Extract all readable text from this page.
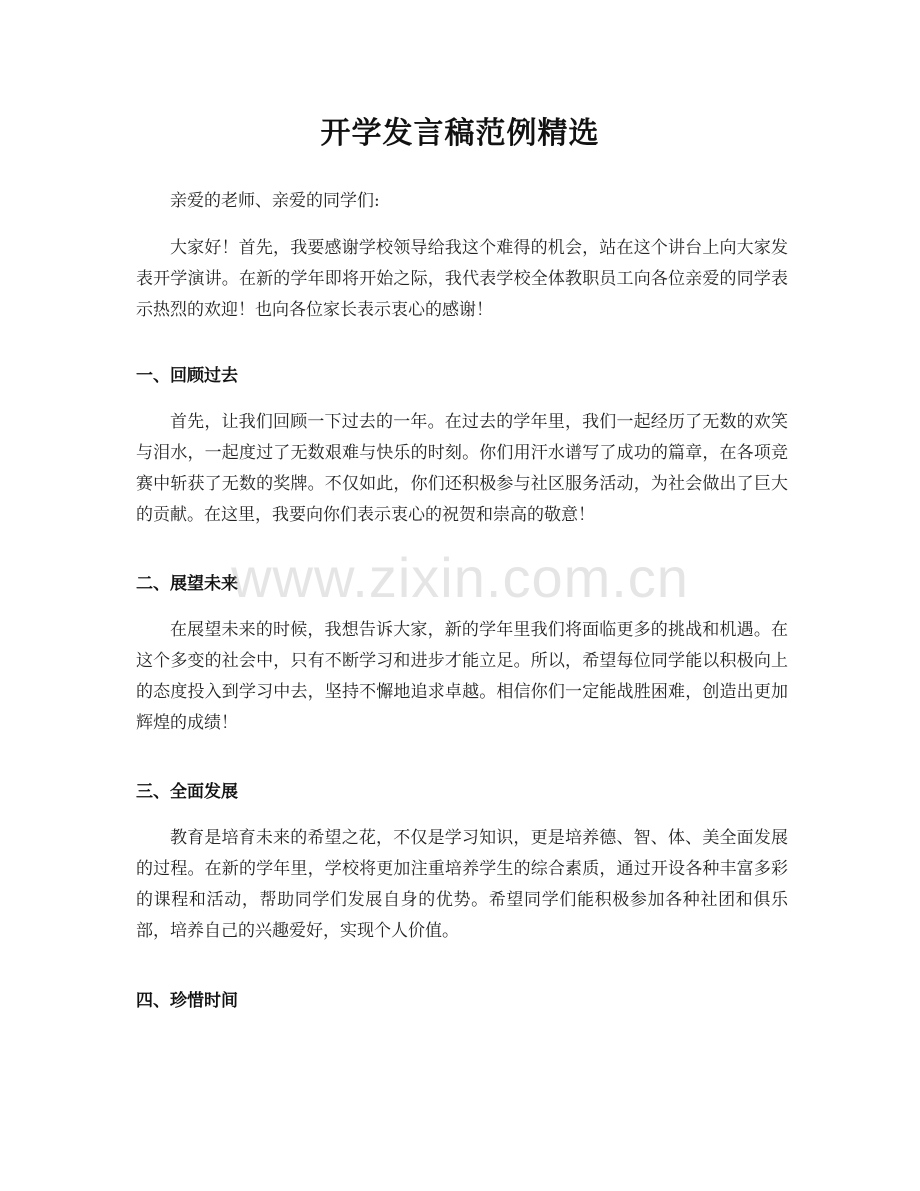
开学发言稿范例精选

亲爱的老师、亲爱的同学们:

大家好！首先，我要感谢学校领导给我这个难得的机会，站在这个讲台上向大家发表开学演讲。在新的学年即将开始之际，我代表学校全体教职员工向各位亲爱的同学表示热烈的欢迎！也向各位家长表示衷心的感谢！

一、回顾过去

首先，让我们回顾一下过去的一年。在过去的学年里，我们一起经历了无数的欢笑与泪水，一起度过了无数艰难与快乐的时刻。你们用汗水谱写了成功的篇章，在各项竞赛中斩获了无数的奖牌。不仅如此，你们还积极参与社区服务活动，为社会做出了巨大的贡献。在这里，我要向你们表示衷心的祝贺和崇高的敬意！

二、展望未来

在展望未来的时候，我想告诉大家，新的学年里我们将面临更多的挑战和机遇。在这个多变的社会中，只有不断学习和进步才能立足。所以，希望每位同学能以积极向上的态度投入到学习中去，坚持不懈地追求卓越。相信你们一定能战胜困难，创造出更加辉煌的成绩！

三、全面发展

教育是培育未来的希望之花，不仅是学习知识，更是培养德、智、体、美全面发展的过程。在新的学年里，学校将更加注重培养学生的综合素质，通过开设各种丰富多彩的课程和活动，帮助同学们发展自身的优势。希望同学们能积极参加各种社团和俱乐部，培养自己的兴趣爱好，实现个人价值。

四、珍惜时间
www.zixin.com.cn
